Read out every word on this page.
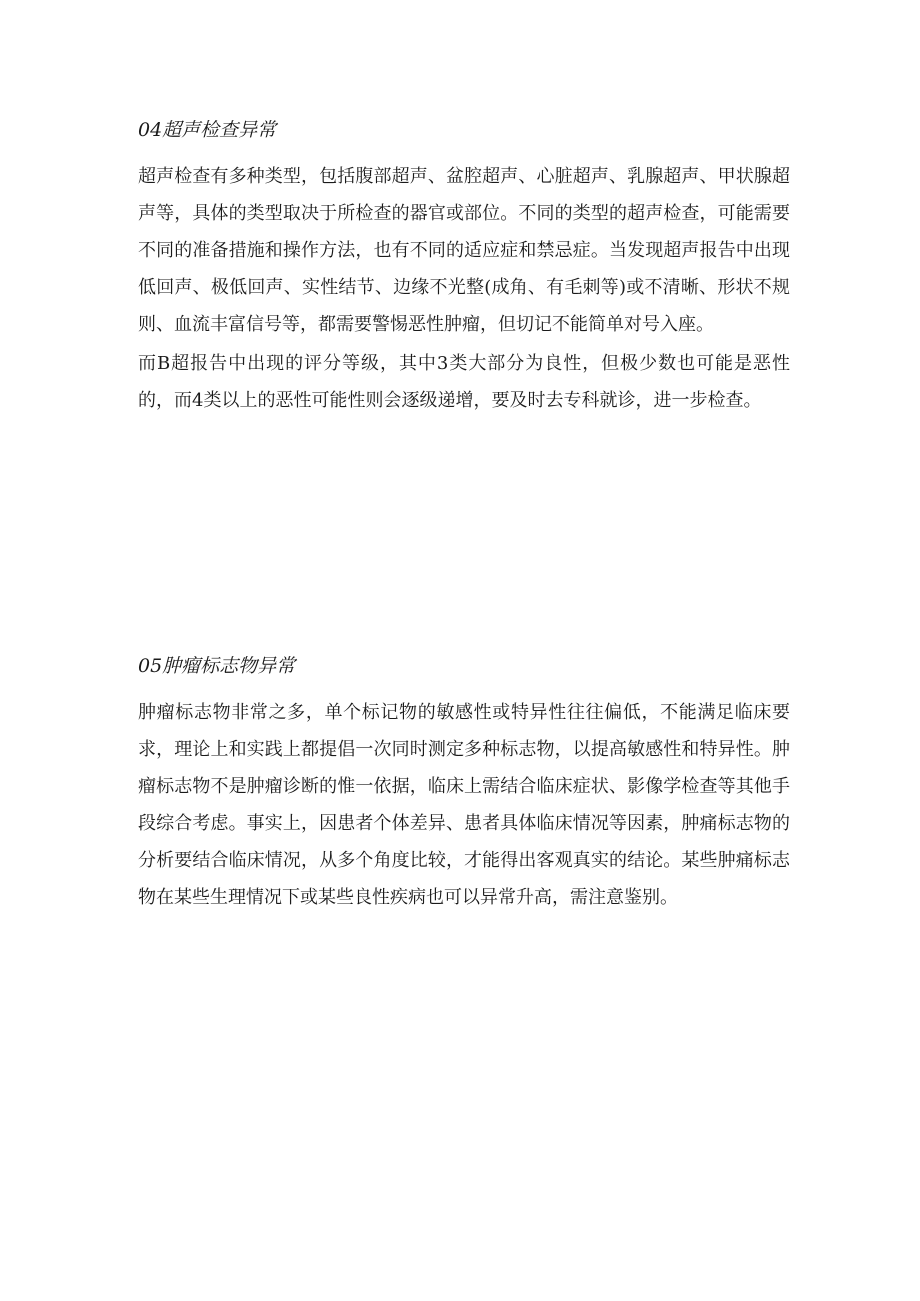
04超声检查异常

超声检查有多种类型，包括腹部超声、盆腔超声、心脏超声、乳腺超声、甲状腺超声等，具体的类型取决于所检查的器官或部位。不同的类型的超声检查，可能需要不同的准备措施和操作方法，也有不同的适应症和禁忌症。当发现超声报告中出现低回声、极低回声、实性结节、边缘不光整(成角、有毛刺等)或不清晰、形状不规则、血流丰富信号等，都需要警惕恶性肿瘤，但切记不能简单对号入座。

而B超报告中出现的评分等级，其中3类大部分为良性，但极少数也可能是恶性的，而4类以上的恶性可能性则会逐级递增，要及时去专科就诊，进一步检查。

05肿瘤标志物异常

肿瘤标志物非常之多，单个标记物的敏感性或特异性往往偏低，不能满足临床要求，理论上和实践上都提倡一次同时测定多种标志物，以提高敏感性和特异性。肿瘤标志物不是肿瘤诊断的惟一依据，临床上需结合临床症状、影像学检查等其他手段综合考虑。事实上，因患者个体差异、患者具体临床情况等因素，肿痛标志物的分析要结合临床情况，从多个角度比较，才能得出客观真实的结论。某些肿痛标志物在某些生理情况下或某些良性疾病也可以异常升高，需注意鉴别。
